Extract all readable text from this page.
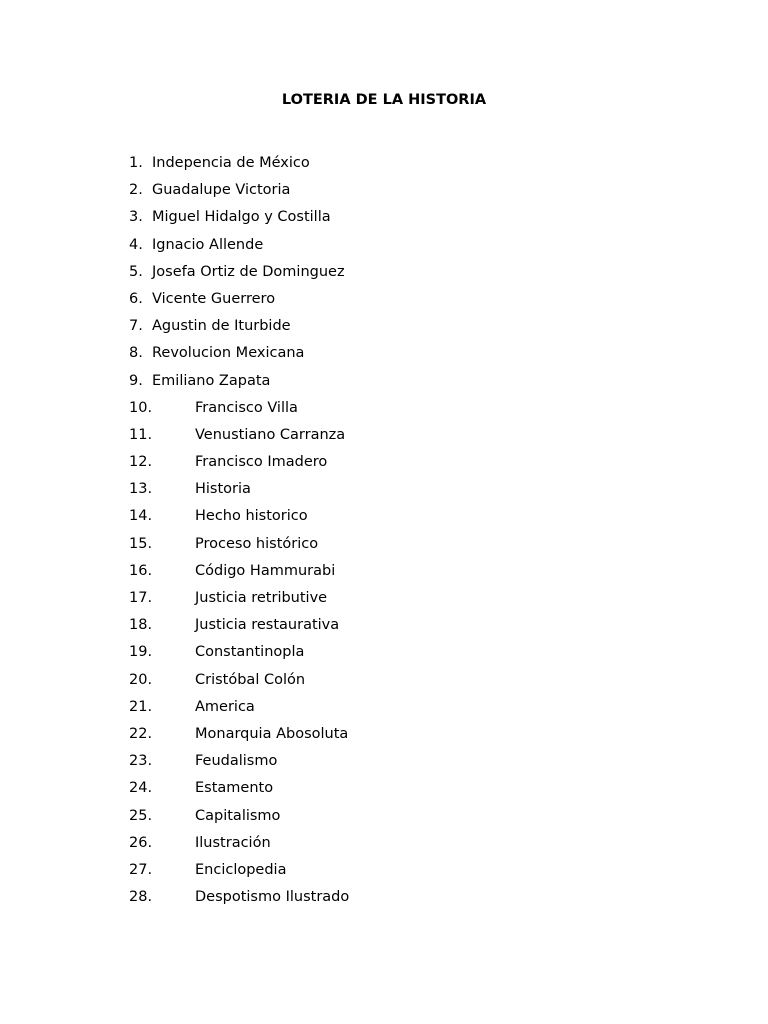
LOTERIA DE LA HISTORIA
1. Indepencia de México
2. Guadalupe Victoria
3. Miguel Hidalgo y Costilla
4. Ignacio Allende
5. Josefa Ortiz de Dominguez
6. Vicente Guerrero
7. Agustin de Iturbide
8. Revolucion Mexicana
9. Emiliano Zapata
10.	Francisco Villa
11.	Venustiano Carranza
12.	Francisco Imadero
13.	Historia
14.	Hecho historico
15.	Proceso histórico
16.	Código Hammurabi
17.	Justicia retributive
18.	Justicia restaurativa
19.	Constantinopla
20.	Cristóbal Colón
21.	America
22.	Monarquia Abosoluta
23.	Feudalismo
24.	Estamento
25.	Capitalismo
26.	Ilustración
27.	Enciclopedia
28.	Despotismo Ilustrado
